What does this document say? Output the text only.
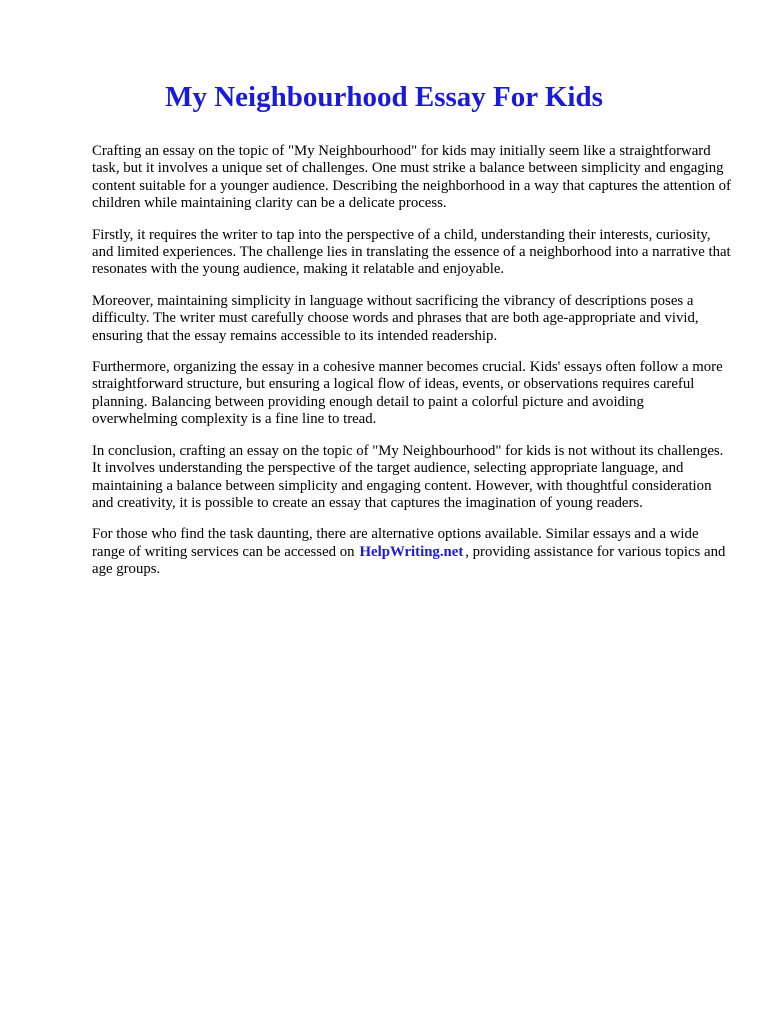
My Neighbourhood Essay For Kids

Crafting an essay on the topic of "My Neighbourhood" for kids may initially seem like a straightforward task, but it involves a unique set of challenges. One must strike a balance between simplicity and engaging content suitable for a younger audience. Describing the neighborhood in a way that captures the attention of children while maintaining clarity can be a delicate process.

Firstly, it requires the writer to tap into the perspective of a child, understanding their interests, curiosity, and limited experiences. The challenge lies in translating the essence of a neighborhood into a narrative that resonates with the young audience, making it relatable and enjoyable.

Moreover, maintaining simplicity in language without sacrificing the vibrancy of descriptions poses a difficulty. The writer must carefully choose words and phrases that are both age-appropriate and vivid, ensuring that the essay remains accessible to its intended readership.

Furthermore, organizing the essay in a cohesive manner becomes crucial. Kids' essays often follow a more straightforward structure, but ensuring a logical flow of ideas, events, or observations requires careful planning. Balancing between providing enough detail to paint a colorful picture and avoiding overwhelming complexity is a fine line to tread.

In conclusion, crafting an essay on the topic of "My Neighbourhood" for kids is not without its challenges. It involves understanding the perspective of the target audience, selecting appropriate language, and maintaining a balance between simplicity and engaging content. However, with thoughtful consideration and creativity, it is possible to create an essay that captures the imagination of young readers.

For those who find the task daunting, there are alternative options available. Similar essays and a wide range of writing services can be accessed on HelpWriting.net , providing assistance for various topics and age groups.
